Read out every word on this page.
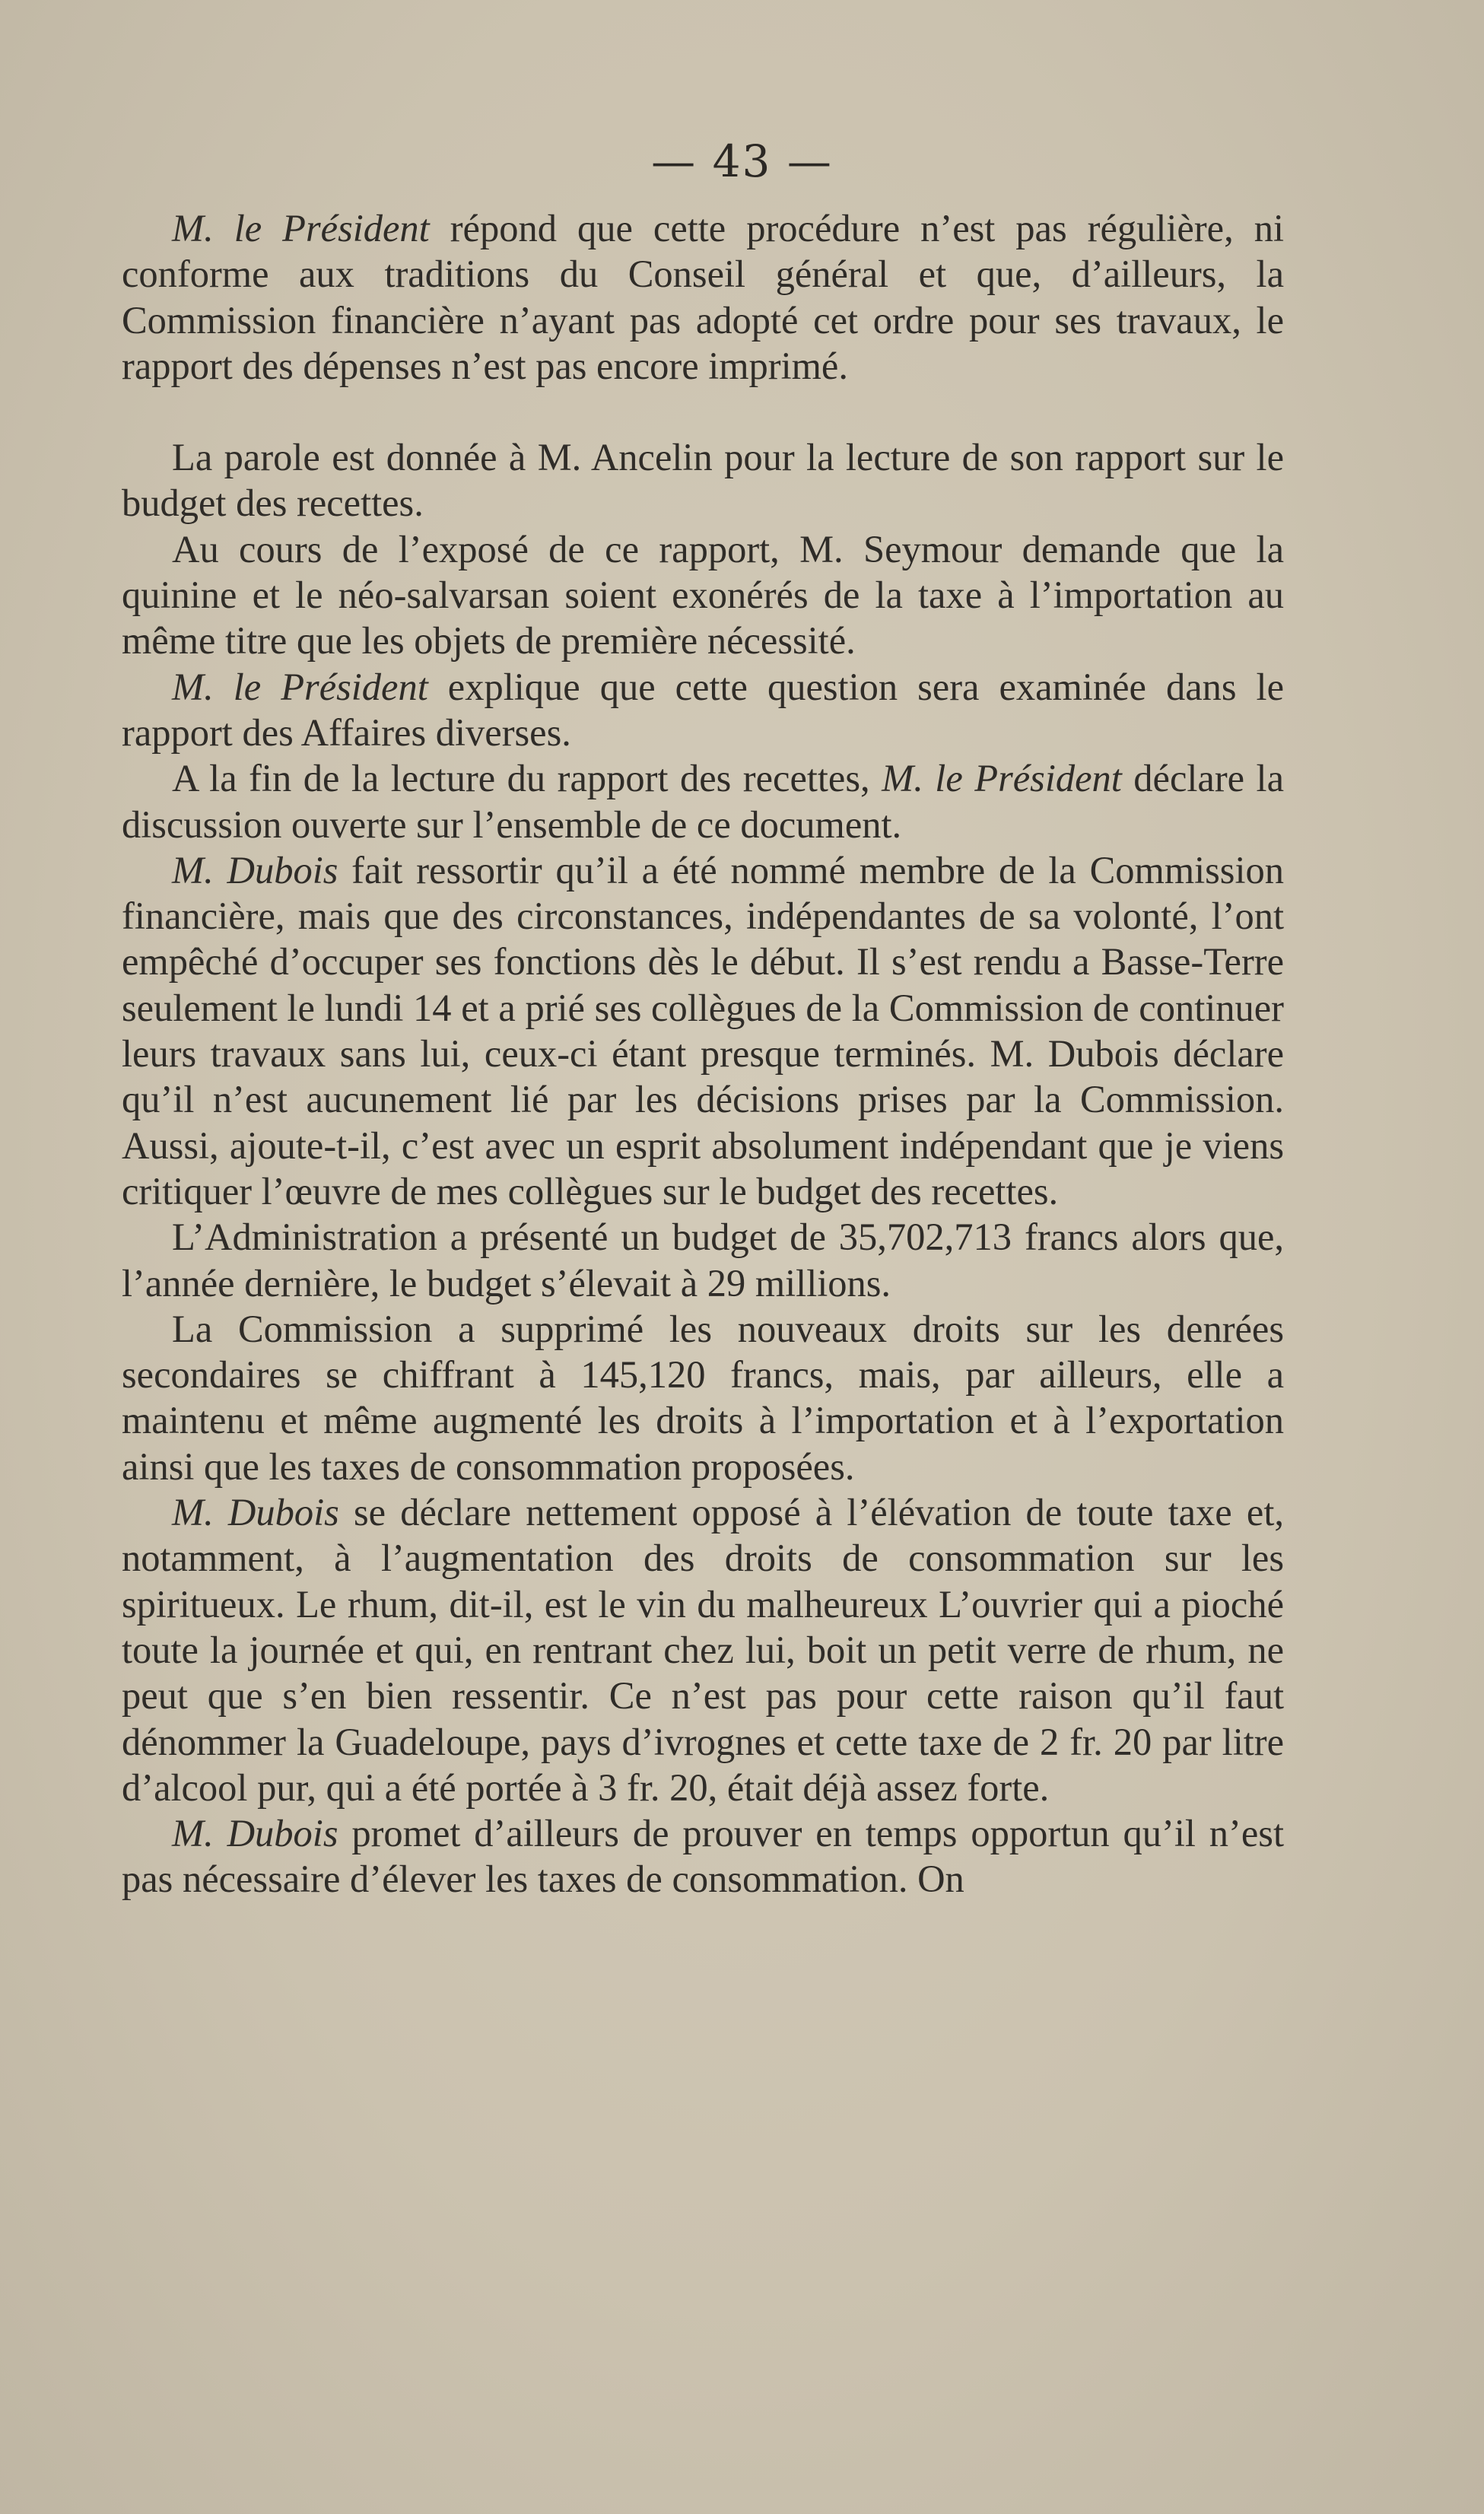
— 43 —

M. le Président répond que cette procédure n’est pas régulière, ni conforme aux traditions du Conseil général et que, d’ailleurs, la Commission financière n’ayant pas adopté cet ordre pour ses travaux, le rapport des dépenses n’est pas encore imprimé.

La parole est donnée à M. Ancelin pour la lecture de son rapport sur le budget des recettes.

Au cours de l’exposé de ce rapport, M. Seymour demande que la quinine et le néo-salvarsan soient exonérés de la taxe à l’importation au même titre que les objets de première nécessité.

M. le Président explique que cette question sera examinée dans le rapport des Affaires diverses.

A la fin de la lecture du rapport des recettes, M. le Président déclare la discussion ouverte sur l’ensemble de ce document.

M. Dubois fait ressortir qu’il a été nommé membre de la Commission financière, mais que des circonstances, indépendantes de sa volonté, l’ont empêché d’occuper ses fonctions dès le début. Il s’est rendu a Basse-Terre seulement le lundi 14 et a prié ses collègues de la Commission de continuer leurs travaux sans lui, ceux-ci étant presque terminés. M. Dubois déclare qu’il n’est aucunement lié par les décisions prises par la Commission. Aussi, ajoute-t-il, c’est avec un esprit absolument indépendant que je viens critiquer l’œuvre de mes collègues sur le budget des recettes.

L’Administration a présenté un budget de 35,702,713 francs alors que, l’année dernière, le budget s’élevait à 29 millions.

La Commission a supprimé les nouveaux droits sur les denrées secondaires se chiffrant à 145,120 francs, mais, par ailleurs, elle a maintenu et même augmenté les droits à l’importation et à l’exportation ainsi que les taxes de consommation proposées.

M. Dubois se déclare nettement opposé à l’élévation de toute taxe et, notamment, à l’augmentation des droits de consommation sur les spiritueux. Le rhum, dit-il, est le vin du malheureux L’ouvrier qui a pioché toute la journée et qui, en rentrant chez lui, boit un petit verre de rhum, ne peut que s’en bien ressentir. Ce n’est pas pour cette raison qu’il faut dénommer la Guadeloupe, pays d’ivrognes et cette taxe de 2 fr. 20 par litre d’alcool pur, qui a été portée à 3 fr. 20, était déjà assez forte.

M. Dubois promet d’ailleurs de prouver en temps opportun qu’il n’est pas nécessaire d’élever les taxes de consommation. On
